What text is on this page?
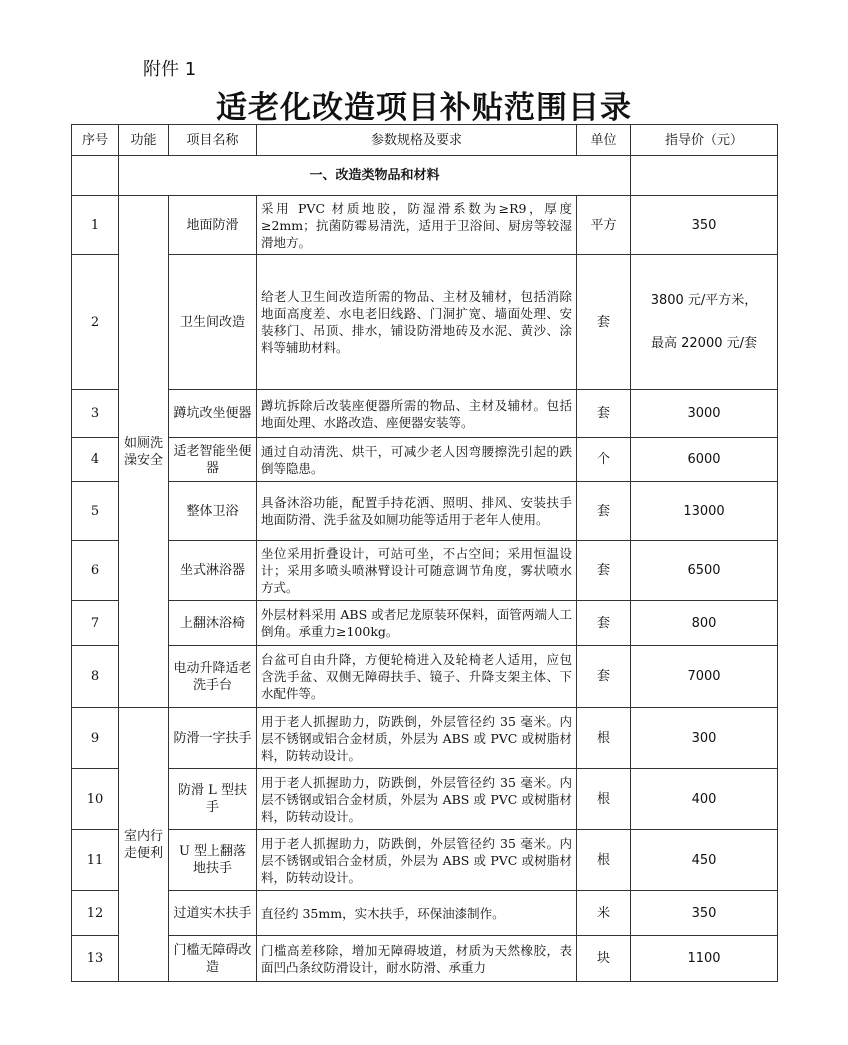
附件 1
适老化改造项目补贴范围目录
序号	功能	项目名称	参数规格及要求	单位	指导价（元）
	一、改造类物品和材料				
1	如厕洗澡安全	地面防滑	采用 PVC 材质地胶，防湿滑系数为≥R9，厚度≥2mm；抗菌防霉易清洗，适用于卫浴间、厨房等较湿滑地方。	平方	350
2		卫生间改造	给老人卫生间改造所需的物品、主材及辅材，包括消除地面高度差、水电老旧线路、门洞扩宽、墙面处理、安装移门、吊顶、排水，铺设防滑地砖及水泥、黄沙、涂料等辅助材料。	套	3800 元/平方米，
最高 22000 元/套

3		蹲坑改坐便器	蹲坑拆除后改装座便器所需的物品、主材及辅材。包括地面处理、水路改造、座便器安装等。	套	3000
4		适老智能坐便器	通过自动清洗、烘干，可减少老人因弯腰擦洗引起的跌倒等隐患。	个	6000
5		整体卫浴	具备沐浴功能，配置手持花洒、照明、排风、安装扶手地面防滑、洗手盆及如厕功能等适用于老年人使用。	套	13000
6		坐式淋浴器	坐位采用折叠设计，可站可坐，不占空间；采用恒温设计；采用多喷头喷淋臂设计可随意调节角度，雾状喷水方式。	套	6500
7		上翻沐浴椅	外层材料采用 ABS 或者尼龙原装环保料，面管两端人工倒角。承重力≥100kg。	套	800
8		电动升降适老洗手台	台盆可自由升降，方便轮椅进入及轮椅老人适用，应包含洗手盆、双侧无障碍扶手、镜子、升降支架主体、下水配件等。	套	7000
9	室内行走便利	防滑一字扶手	用于老人抓握助力，防跌倒，外层管径约 35 毫米。内层不锈钢或铝合金材质，外层为 ABS 或 PVC 或树脂材料，防转动设计。	根	300
10		防滑 L 型扶手	用于老人抓握助力，防跌倒，外层管径约 35 毫米。内层不锈钢或铝合金材质，外层为 ABS 或 PVC 或树脂材料，防转动设计。	根	400
11		U 型上翻落地扶手	用于老人抓握助力，防跌倒，外层管径约 35 毫米。内层不锈钢或铝合金材质，外层为 ABS 或 PVC 或树脂材料，防转动设计。	根	450
12		过道实木扶手	直径约 35mm，实木扶手，环保油漆制作。	米	350
13		门槛无障碍改造	门槛高差移除，增加无障碍坡道，材质为天然橡胶，表面凹凸条纹防滑设计，耐水防滑、承重力	块	1100
